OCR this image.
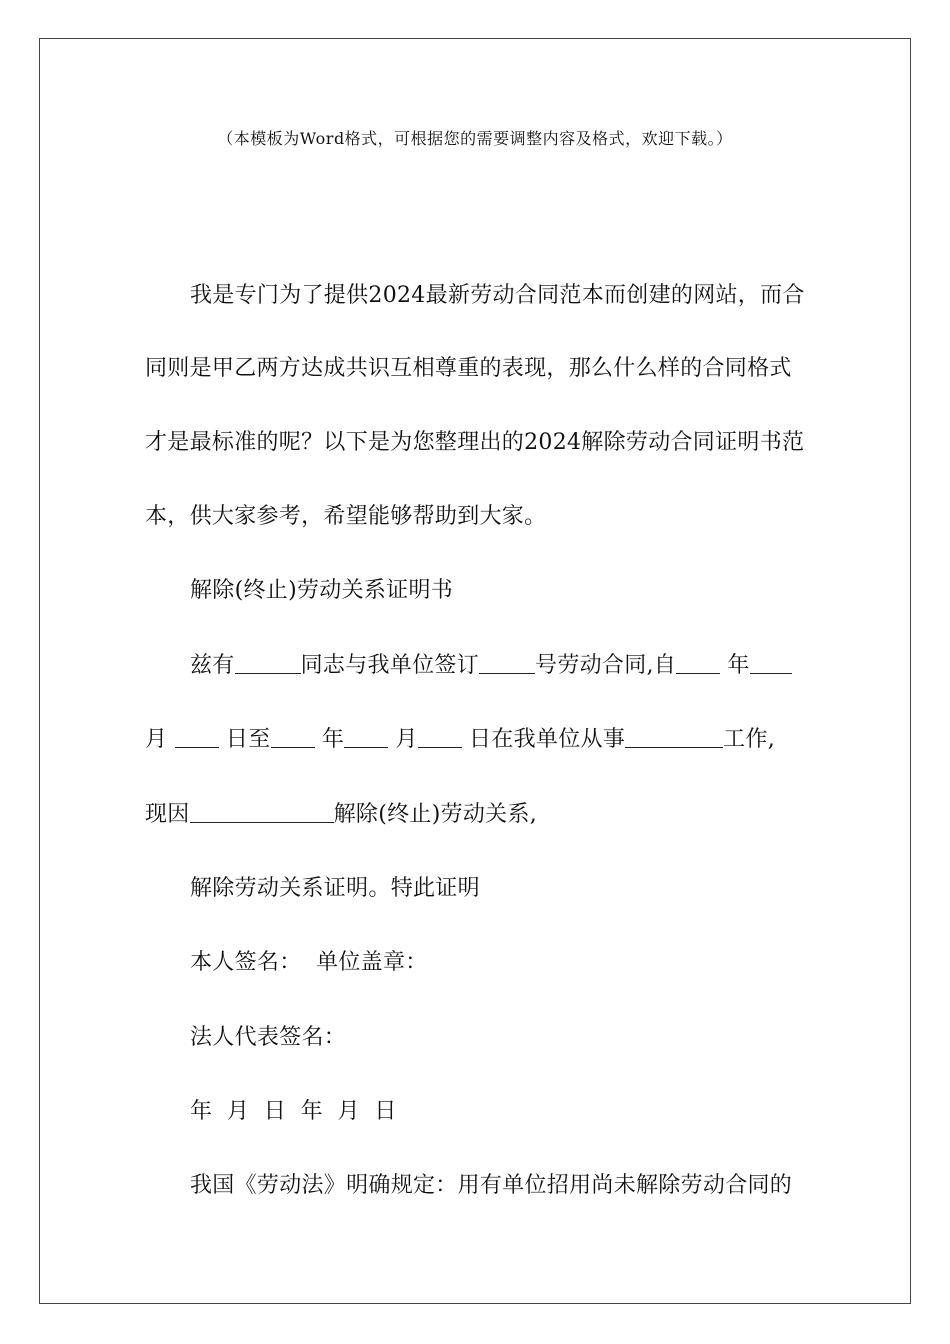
（本模板为Word格式，可根据您的需要调整内容及格式，欢迎下载。）
我是专门为了提供2024最新劳动合同范本而创建的网站，而合
同则是甲乙两方达成共识互相尊重的表现，那么什么样的合同格式
才是最标准的呢？以下是为您整理出的2024解除劳动合同证明书范
本，供大家参考，希望能够帮助到大家。
解除(终止)劳动关系证明书
兹有	同志与我单位签订	号劳动合同,自 年
月	日至 年 月 日在我单位从事	工作,
现因	解除(终止)劳动关系,
解除劳动关系证明。特此证明
本人签名：  单位盖章：
法人代表签名：
年  月  日  年  月  日
我国《劳动法》明确规定：用有单位招用尚未解除劳动合同的
